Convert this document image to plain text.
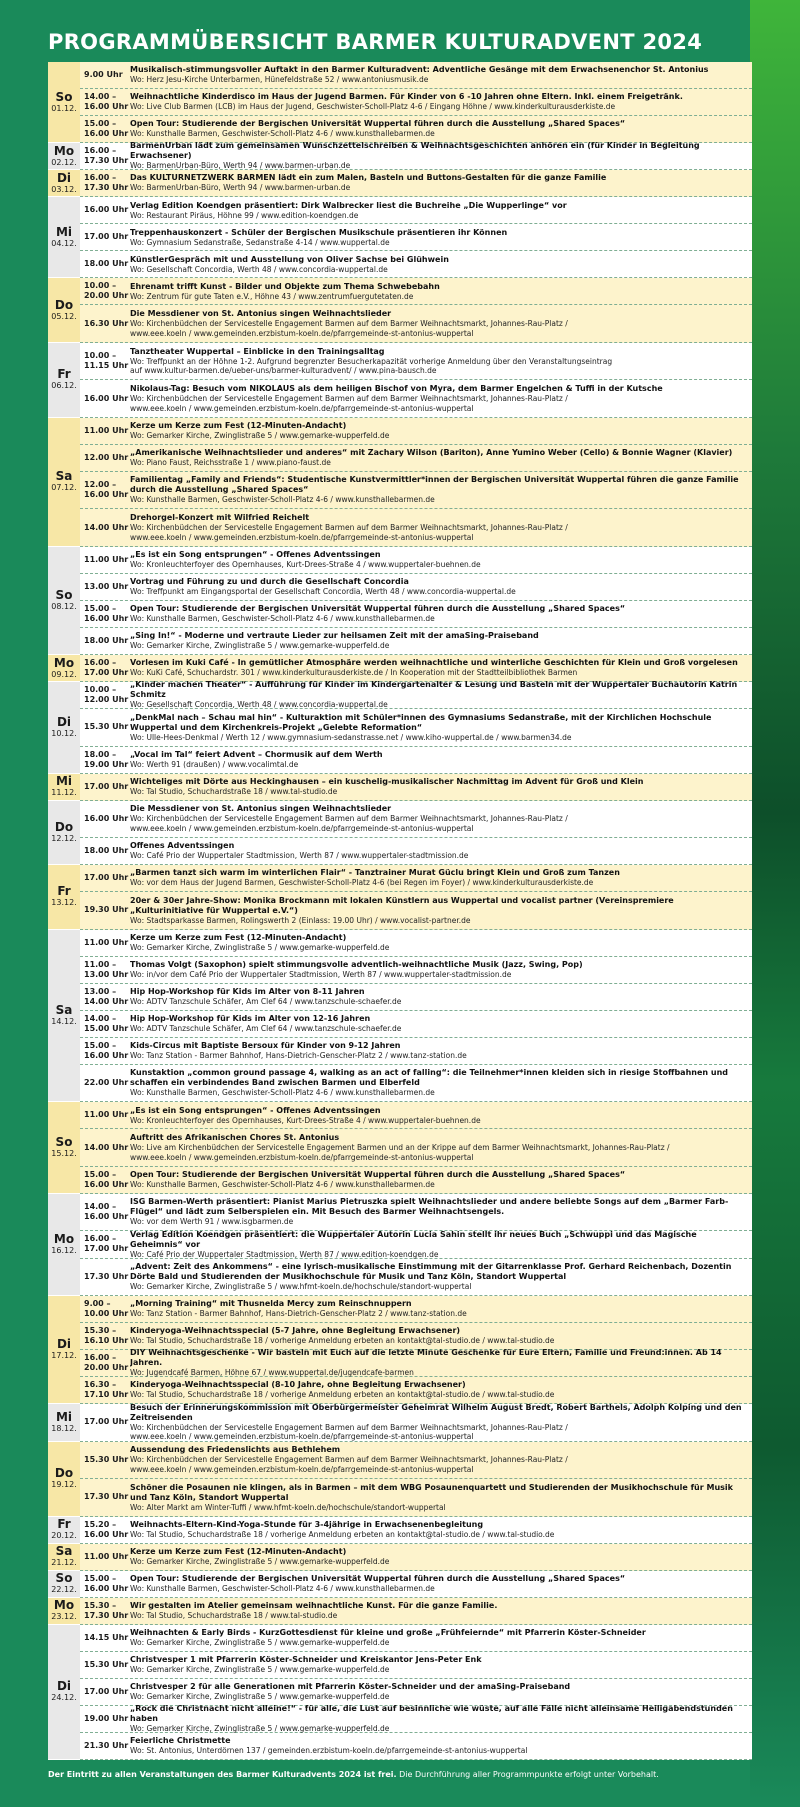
PROGRAMMÜBERSICHT BARMER KULTURADVENT 2024
So
01.12.
9.00 Uhr
Musikalisch-stimmungsvoller Auftakt in den Barmer Kulturadvent: Adventliche Gesänge mit dem Erwachsenenchor St. Antonius
Wo: Herz Jesu-Kirche Unterbarmen, Hünefeldstraße 52 / www.antoniusmusik.de
14.00 –
16.00 Uhr
Weihnachtliche Kinderdisco im Haus der Jugend Barmen. Für Kinder von 6 -10 Jahren ohne Eltern. Inkl. einem Freigetränk.
Wo: Live Club Barmen (LCB) im Haus der Jugend, Geschwister-Scholl-Platz 4-6 / Eingang Höhne / www.kinderkulturausderkiste.de
15.00 –
16.00 Uhr
Open Tour: Studierende der Bergischen Universität Wuppertal führen durch die Ausstellung „Shared Spaces“
Wo: Kunsthalle Barmen, Geschwister-Scholl-Platz 4-6 / www.kunsthallebarmen.de
Mo
02.12.
16.00 –
17.30 Uhr
BarmenUrban lädt zum gemeinsamen Wunschzettelschreiben & Weihnachtsgeschichten anhören ein (für Kinder in Begleitung Erwachsener)
Wo: BarmenUrban-Büro, Werth 94 / www.barmen-urban.de
Di
03.12.
16.00 –
17.30 Uhr
Das KULTURNETZWERK BARMEN lädt ein zum Malen, Basteln und Buttons-Gestalten für die ganze Familie
Wo: BarmenUrban-Büro, Werth 94 / www.barmen-urban.de
Mi
04.12.
16.00 Uhr
Verlag Edition Koendgen präsentiert: Dirk Walbrecker liest die Buchreihe „Die Wupperlinge“ vor
Wo: Restaurant Piräus, Höhne 99 / www.edition-koendgen.de
17.00 Uhr
Treppenhauskonzert - Schüler der Bergischen Musikschule präsentieren ihr Können
Wo: Gymnasium Sedanstraße, Sedanstraße 4-14 / www.wuppertal.de
18.00 Uhr
KünstlerGespräch mit und Ausstellung von Oliver Sachse bei Glühwein
Wo: Gesellschaft Concordia, Werth 48 / www.concordia-wuppertal.de
Do
05.12.
10.00 –
20.00 Uhr
Ehrenamt trifft Kunst - Bilder und Objekte zum Thema Schwebebahn
Wo: Zentrum für gute Taten e.V., Höhne 43 / www.zentrumfuergutetaten.de
16.30 Uhr
Die Messdiener von St. Antonius singen Weihnachtslieder
Wo: Kirchenbüdchen der Servicestelle Engagement Barmen auf dem Barmer Weihnachtsmarkt, Johannes-Rau-Platz /
www.eee.koeln / www.gemeinden.erzbistum-koeln.de/pfarrgemeinde-st-antonius-wuppertal
Fr
06.12.
10.00 –
11.15 Uhr
Tanztheater Wuppertal – Einblicke in den Trainingsalltag
Wo: Treffpunkt an der Höhne 1-2. Aufgrund begrenzter Besucherkapazität vorherige Anmeldung über den Veranstaltungseintrag
auf www.kultur-barmen.de/ueber-uns/barmer-kulturadvent/ / www.pina-bausch.de
16.00 Uhr
Nikolaus-Tag: Besuch vom NIKOLAUS als dem heiligen Bischof von Myra, dem Barmer Engelchen & Tuffi in der Kutsche
Wo: Kirchenbüdchen der Servicestelle Engagement Barmen auf dem Barmer Weihnachtsmarkt, Johannes-Rau-Platz /
www.eee.koeln / www.gemeinden.erzbistum-koeln.de/pfarrgemeinde-st-antonius-wuppertal
Sa
07.12.
11.00 Uhr
Kerze um Kerze zum Fest (12-Minuten-Andacht)
Wo: Gemarker Kirche, Zwinglistraße 5 / www.gemarke-wupperfeld.de
12.00 Uhr
„Amerikanische Weihnachtslieder und anderes“ mit Zachary Wilson (Bariton), Anne Yumino Weber (Cello) & Bonnie Wagner (Klavier)
Wo: Piano Faust, Reichsstraße 1 / www.piano-faust.de
12.00 –
16.00 Uhr
Familientag „Family and Friends“: Studentische Kunstvermittler*innen der Bergischen Universität Wuppertal führen die ganze Familie durch die Ausstellung „Shared Spaces“
Wo: Kunsthalle Barmen, Geschwister-Scholl-Platz 4-6 / www.kunsthallebarmen.de
14.00 Uhr
Drehorgel-Konzert mit Wilfried Reichelt
Wo: Kirchenbüdchen der Servicestelle Engagement Barmen auf dem Barmer Weihnachtsmarkt, Johannes-Rau-Platz /
www.eee.koeln / www.gemeinden.erzbistum-koeln.de/pfarrgemeinde-st-antonius-wuppertal
So
08.12.
11.00 Uhr
„Es ist ein Song entsprungen“ - Offenes Adventssingen
Wo: Kronleuchterfoyer des Opernhauses, Kurt-Drees-Straße 4 / www.wuppertaler-buehnen.de
13.00 Uhr
Vortrag und Führung zu und durch die Gesellschaft Concordia
Wo: Treffpunkt am Eingangsportal der Gesellschaft Concordia, Werth 48 / www.concordia-wuppertal.de
15.00 –
16.00 Uhr
Open Tour: Studierende der Bergischen Universität Wuppertal führen durch die Ausstellung „Shared Spaces“
Wo: Kunsthalle Barmen, Geschwister-Scholl-Platz 4-6 / www.kunsthallebarmen.de
18.00 Uhr
„Sing In!“ - Moderne und vertraute Lieder zur heilsamen Zeit mit der amaSing-Praiseband
Wo: Gemarker Kirche, Zwinglistraße 5 / www.gemarke-wupperfeld.de
Mo
09.12.
16.00 –
17.00 Uhr
Vorlesen im Kuki Café - In gemütlicher Atmosphäre werden weihnachtliche und winterliche Geschichten für Klein und Groß vorgelesen
Wo: KuKi Café, Schuchardstr. 301 / www.kinderkulturausderkiste.de / In Kooperation mit der Stadtteilbibliothek Barmen
Di
10.12.
10.00 –
12.00 Uhr
„Kinder machen Theater“ - Aufführung für Kinder im Kindergartenalter & Lesung und Basteln mit der Wuppertaler Buchautorin Katrin Schmitz
Wo: Gesellschaft Concordia, Werth 48 / www.concordia-wuppertal.de
15.30 Uhr
„DenkMal nach – Schau mal hin“ - Kulturaktion mit Schüler*innen des Gymnasiums Sedanstraße, mit der Kirchlichen Hochschule Wuppertal und dem Kirchenkreis-Projekt „Gelebte Reformation“
Wo: Ulle-Hees-Denkmal / Werth 12 / www.gymnasium-sedanstrasse.net / www.kiho-wuppertal.de / www.barmen34.de
18.00 –
19.00 Uhr
„Vocal im Tal“ feiert Advent – Chormusik auf dem Werth
Wo: Werth 91 (draußen) / www.vocalimtal.de
Mi
11.12.
17.00 Uhr
Wichteliges mit Dörte aus Heckinghausen – ein kuschelig-musikalischer Nachmittag im Advent für Groß und Klein
Wo: Tal Studio, Schuchardstraße 18 / www.tal-studio.de
Do
12.12.
16.00 Uhr
Die Messdiener von St. Antonius singen Weihnachtslieder
Wo: Kirchenbüdchen der Servicestelle Engagement Barmen auf dem Barmer Weihnachtsmarkt, Johannes-Rau-Platz /
www.eee.koeln / www.gemeinden.erzbistum-koeln.de/pfarrgemeinde-st-antonius-wuppertal
18.00 Uhr
Offenes Adventssingen
Wo: Café Prio der Wuppertaler Stadtmission, Werth 87 / www.wuppertaler-stadtmission.de
Fr
13.12.
17.00 Uhr
„Barmen tanzt sich warm im winterlichen Flair“ - Tanztrainer Murat Güclu bringt Klein und Groß zum Tanzen
Wo: vor dem Haus der Jugend Barmen, Geschwister-Scholl-Platz 4-6 (bei Regen im Foyer) / www.kinderkulturausderkiste.de
19.30 Uhr
20er & 30er Jahre-Show: Monika Brockmann mit lokalen Künstlern aus Wuppertal und vocalist partner (Vereinspremiere „Kulturinitiative für Wuppertal e.V.“)
Wo: Stadtsparkasse Barmen, Rolingswerth 2 (Einlass: 19.00 Uhr) / www.vocalist-partner.de
Sa
14.12.
11.00 Uhr
Kerze um Kerze zum Fest (12-Minuten-Andacht)
Wo: Gemarker Kirche, Zwinglistraße 5 / www.gemarke-wupperfeld.de
11.00 –
13.00 Uhr
Thomas Volgt (Saxophon) spielt stimmungsvolle adventlich-weihnachtliche Musik (Jazz, Swing, Pop)
Wo: in/vor dem Café Prio der Wuppertaler Stadtmission, Werth 87 / www.wuppertaler-stadtmission.de
13.00 –
14.00 Uhr
Hip Hop-Workshop für Kids im Alter von 8-11 Jahren
Wo: ADTV Tanzschule Schäfer, Am Clef 64 / www.tanzschule-schaefer.de
14.00 –
15.00 Uhr
Hip Hop-Workshop für Kids im Alter von 12-16 Jahren
Wo: ADTV Tanzschule Schäfer, Am Clef 64 / www.tanzschule-schaefer.de
15.00 –
16.00 Uhr
Kids-Circus mit Baptiste Bersoux für Kinder von 9-12 Jahren
Wo: Tanz Station - Barmer Bahnhof, Hans-Dietrich-Genscher-Platz 2 / www.tanz-station.de
22.00 Uhr
Kunstaktion „common ground passage 4, walking as an act of falling“: die Teilnehmer*innen kleiden sich in riesige Stoffbahnen und schaffen ein verbindendes Band zwischen Barmen und Elberfeld
Wo: Kunsthalle Barmen, Geschwister-Scholl-Platz 4-6 / www.kunsthallebarmen.de
So
15.12.
11.00 Uhr
„Es ist ein Song entsprungen“ - Offenes Adventssingen
Wo: Kronleuchterfoyer des Opernhauses, Kurt-Drees-Straße 4 / www.wuppertaler-buehnen.de
14.00 Uhr
Auftritt des Afrikanischen Chores St. Antonius
Wo: Live am Kirchenbüdchen der Servicestelle Engagement Barmen und an der Krippe auf dem Barmer Weihnachtsmarkt, Johannes-Rau-Platz /
www.eee.koeln / www.gemeinden.erzbistum-koeln.de/pfarrgemeinde-st-antonius-wuppertal
15.00 –
16.00 Uhr
Open Tour: Studierende der Bergischen Universität Wuppertal führen durch die Ausstellung „Shared Spaces“
Wo: Kunsthalle Barmen, Geschwister-Scholl-Platz 4-6 / www.kunsthallebarmen.de
Mo
16.12.
14.00 –
16.00 Uhr
ISG Barmen-Werth präsentiert: Pianist Marius Pietruszka spielt Weihnachtslieder und andere beliebte Songs auf dem „Barmer Farb-Flügel“ und lädt zum Selberspielen ein. Mit Besuch des Barmer Weihnachtsengels.
Wo: vor dem Werth 91 / www.isgbarmen.de
16.00 –
17.00 Uhr
Verlag Edition Koendgen präsentiert: die Wuppertaler Autorin Lucia Sahin stellt ihr neues Buch „Schwuppi und das Magische Geheimnis“ vor
Wo: Café Prio der Wuppertaler Stadtmission, Werth 87 / www.edition-koendgen.de
17.30 Uhr
„Advent: Zeit des Ankommens“ - eine lyrisch-musikalische Einstimmung mit der Gitarrenklasse Prof. Gerhard Reichenbach, Dozentin Dörte Bald und Studierenden der Musikhochschule für Musik und Tanz Köln, Standort Wuppertal
Wo: Gemarker Kirche, Zwinglistraße 5 / www.hfmt-koeln.de/hochschule/standort-wuppertal
Di
17.12.
9.00 –
10.00 Uhr
„Morning Training“ mit Thusnelda Mercy zum Reinschnuppern
Wo: Tanz Station - Barmer Bahnhof, Hans-Dietrich-Genscher-Platz 2 / www.tanz-station.de
15.30 –
16.10 Uhr
Kinderyoga-Weihnachtsspecial (5-7 Jahre, ohne Begleitung Erwachsener)
Wo: Tal Studio, Schuchardstraße 18 / vorherige Anmeldung erbeten an kontakt@tal-studio.de / www.tal-studio.de
16.00 –
20.00 Uhr
DIY Weihnachtsgeschenke - Wir basteln mit Euch auf die letzte Minute Geschenke für Eure Eltern, Familie und Freund:innen. Ab 14 Jahren.
Wo: Jugendcafé Barmen, Höhne 67 / www.wuppertal.de/jugendcafe-barmen
16.30 –
17.10 Uhr
Kinderyoga-Weihnachtsspecial (8-10 Jahre, ohne Begleitung Erwachsener)
Wo: Tal Studio, Schuchardstraße 18 / vorherige Anmeldung erbeten an kontakt@tal-studio.de / www.tal-studio.de
Mi
18.12.
17.00 Uhr
Besuch der Erinnerungskommission mit Oberbürgermeister Geheimrat Wilhelm August Bredt, Robert Barthels, Adolph Kolping und den Zeitreisenden
Wo: Kirchenbüdchen der Servicestelle Engagement Barmen auf dem Barmer Weihnachtsmarkt, Johannes-Rau-Platz /
www.eee.koeln / www.gemeinden.erzbistum-koeln.de/pfarrgemeinde-st-antonius-wuppertal
Do
19.12.
15.30 Uhr
Aussendung des Friedenslichts aus Bethlehem
Wo: Kirchenbüdchen der Servicestelle Engagement Barmen auf dem Barmer Weihnachtsmarkt, Johannes-Rau-Platz /
www.eee.koeln / www.gemeinden.erzbistum-koeln.de/pfarrgemeinde-st-antonius-wuppertal
17.30 Uhr
Schöner die Posaunen nie klingen, als in Barmen – mit dem WBG Posaunenquartett und Studierenden der Musikhochschule für Musik und Tanz Köln, Standort Wuppertal
Wo: Alter Markt am Winter-Tuffi / www.hfmt-koeln.de/hochschule/standort-wuppertal
Fr
20.12.
15.20 –
16.00 Uhr
Weihnachts-Eltern-Kind-Yoga-Stunde für 3-4jährige in Erwachsenenbegleitung
Wo: Tal Studio, Schuchardstraße 18 / vorherige Anmeldung erbeten an kontakt@tal-studio.de / www.tal-studio.de
Sa
21.12.
11.00 Uhr
Kerze um Kerze zum Fest (12-Minuten-Andacht)
Wo: Gemarker Kirche, Zwinglistraße 5 / www.gemarke-wupperfeld.de
So
22.12.
15.00 –
16.00 Uhr
Open Tour: Studierende der Bergischen Universität Wuppertal führen durch die Ausstellung „Shared Spaces“
Wo: Kunsthalle Barmen, Geschwister-Scholl-Platz 4-6 / www.kunsthallebarmen.de
Mo
23.12.
15.30 –
17.30 Uhr
Wir gestalten im Atelier gemeinsam weihnachtliche Kunst. Für die ganze Familie.
Wo: Tal Studio, Schuchardstraße 18 / www.tal-studio.de
Di
24.12.
14.15 Uhr
Weihnachten & Early Birds - KurzGottesdienst für kleine und große „Frühfeiernde“ mit Pfarrerin Köster-Schneider
Wo: Gemarker Kirche, Zwinglistraße 5 / www.gemarke-wupperfeld.de
15.30 Uhr
Christvesper 1 mit Pfarrerin Köster-Schneider und Kreiskantor Jens-Peter Enk
Wo: Gemarker Kirche, Zwinglistraße 5 / www.gemarke-wupperfeld.de
17.00 Uhr
Christvesper 2 für alle Generationen mit Pfarrerin Köster-Schneider und der amaSing-Praiseband
Wo: Gemarker Kirche, Zwinglistraße 5 / www.gemarke-wupperfeld.de
19.00 Uhr
„Rock die Christnacht nicht alleine!“ - für alle, die Lust auf besinnliche wie wüste, auf alle Fälle nicht alleinsame Heiligabendstunden haben
Wo: Gemarker Kirche, Zwinglistraße 5 / www.gemarke-wupperfeld.de
21.30 Uhr
Feierliche Christmette
Wo: St. Antonius, Unterdörnen 137 / gemeinden.erzbistum-koeln.de/pfarrgemeinde-st-antonius-wuppertal
Der Eintritt zu allen Veranstaltungen des Barmer Kulturadvents 2024 ist frei. Die Durchführung aller Programmpunkte erfolgt unter Vorbehalt.
